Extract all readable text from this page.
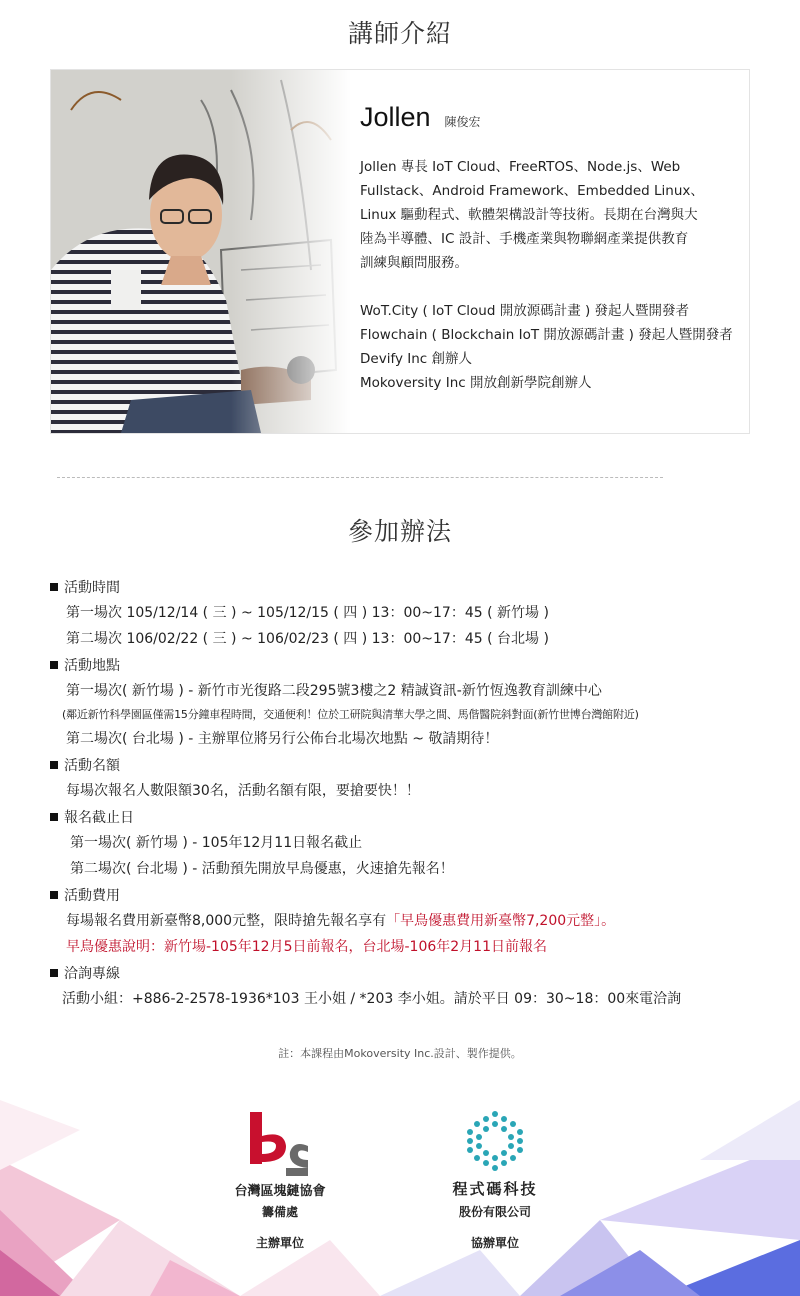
講師介紹
Jollen 陳俊宏
Jollen 專長 IoT Cloud、FreeRTOS、Node.js、Web
Fullstack、Android Framework、Embedded Linux、
Linux 驅動程式、軟體架構設計等技術。長期在台灣與大
陸為半導體、IC 設計、手機產業與物聯網產業提供教育
訓練與顧問服務。
WoT.City ( IoT Cloud 開放源碼計畫 ) 發起人暨開發者
Flowchain ( Blockchain IoT 開放源碼計畫 ) 發起人暨開發者
Devify Inc 創辦人
Mokoversity Inc 開放創新學院創辦人
參加辦法
活動時間
第一場次 105/12/14 ( 三 ) ~ 105/12/15 ( 四 ) 13：00~17：45 ( 新竹場 )
第二場次 106/02/22 ( 三 ) ~ 106/02/23 ( 四 ) 13：00~17：45 ( 台北場 )
活動地點
第一場次( 新竹場 ) - 新竹市光復路二段295號3樓之2 精誠資訊-新竹恆逸教育訓練中心
(鄰近新竹科學園區僅需15分鐘車程時間，交通便利！位於工研院與清華大學之間、馬偕醫院斜對面(新竹世博台灣館附近)
第二場次( 台北場 ) - 主辦單位將另行公佈台北場次地點 ~ 敬請期待！
活動名額
每場次報名人數限額30名，活動名額有限，要搶要快！！
報名截止日
第一場次( 新竹場 ) - 105年12月11日報名截止
第二場次( 台北場 ) - 活動預先開放早鳥優惠，火速搶先報名！
活動費用
每場報名費用新臺幣8,000元整，限時搶先報名享有「早鳥優惠費用新臺幣7,200元整」。
早鳥優惠說明：新竹場-105年12月5日前報名，台北場-106年2月11日前報名
洽詢專線
活動小組：+886-2-2578-1936*103 王小姐 / *203 李小姐。請於平日 09：30~18：00來電洽詢
註：本課程由Mokoversity Inc.設計、製作提供。
台灣區塊鏈協會
籌備處
主辦單位
程式碼科技
股份有限公司
協辦單位
